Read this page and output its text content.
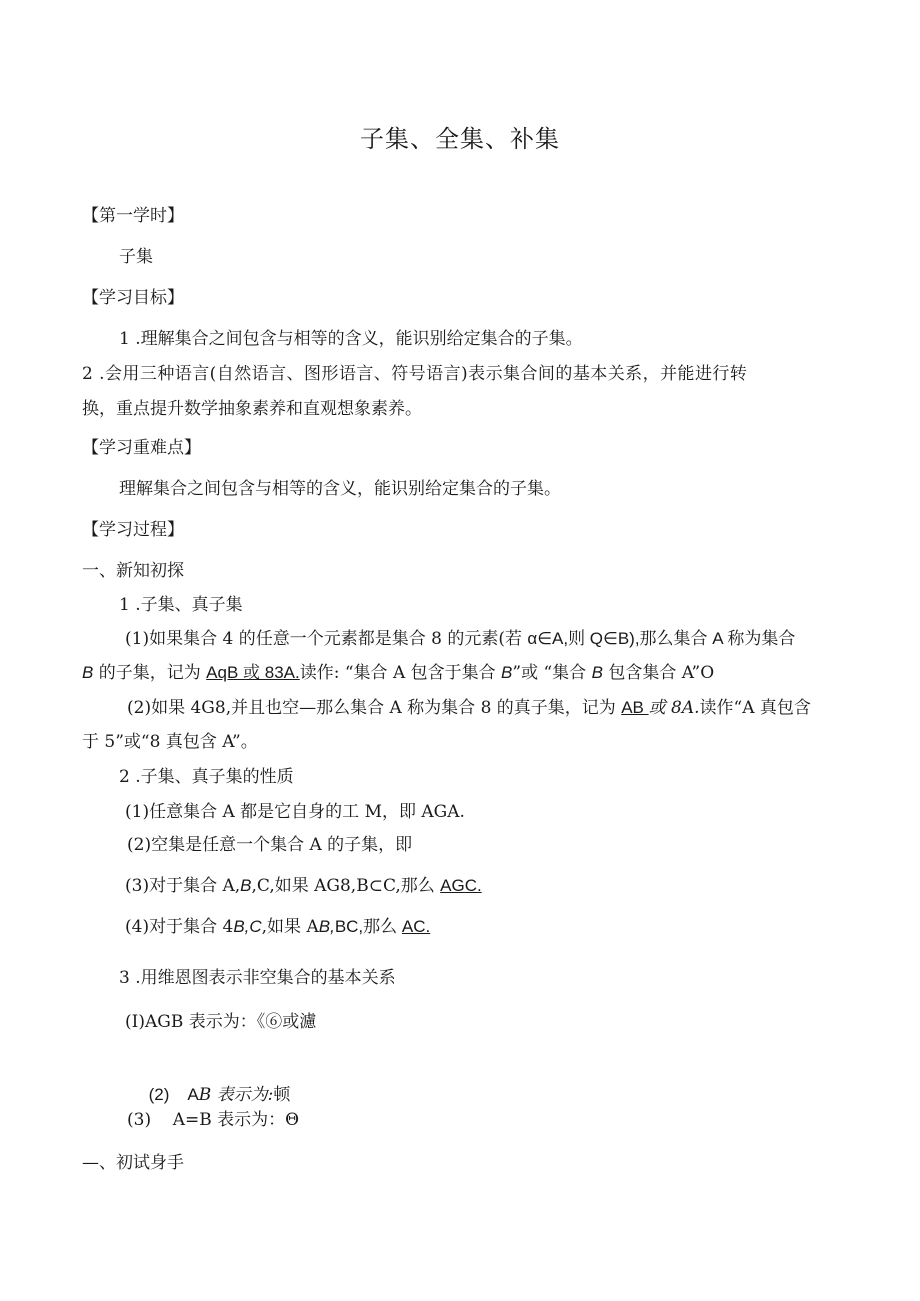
子集、全集、补集
【第一学时】
子集
【学习目标】
1 .理解集合之间包含与相等的含义，能识别给定集合的子集。
2 .会用三种语言(自然语言、图形语言、符号语言)表示集合间的基本关系，并能进行转
换，重点提升数学抽象素养和直观想象素养。
【学习重难点】
理解集合之间包含与相等的含义，能识别给定集合的子集。
【学习过程】
一、新知初探
1 .子集、真子集
(1)如果集合 4 的任意一个元素都是集合 8 的元素(若 α∈A,则 Q∈B),那么集合 A 称为集合
B 的子集，记为 AqB 或 83A.读作: “集合 A 包含于集合 B”或 “集合 B 包含集合 A”O
(2)如果 4G8,并且也空—那么集合 A 称为集合 8 的真子集，记为 AB 或 8A.读作“A 真包含
于 5”或“8 真包含 A”。
2 .子集、真子集的性质
(1)任意集合 A 都是它自身的工 M，即 AGA.
(2)空集是任意一个集合 A 的子集，即
(3)对于集合 A,B,C,如果 AG8,B⊂C,那么 AGC.
(4)对于集合 4B,C,如果 AB,BC,那么 AC.
3 .用维恩图表示非空集合的基本关系
(I)AGB 表示为：《⑥或濾

(2)    AB 表示为:顿

(3)    A=B 表示为：Θ
—、初试身手
